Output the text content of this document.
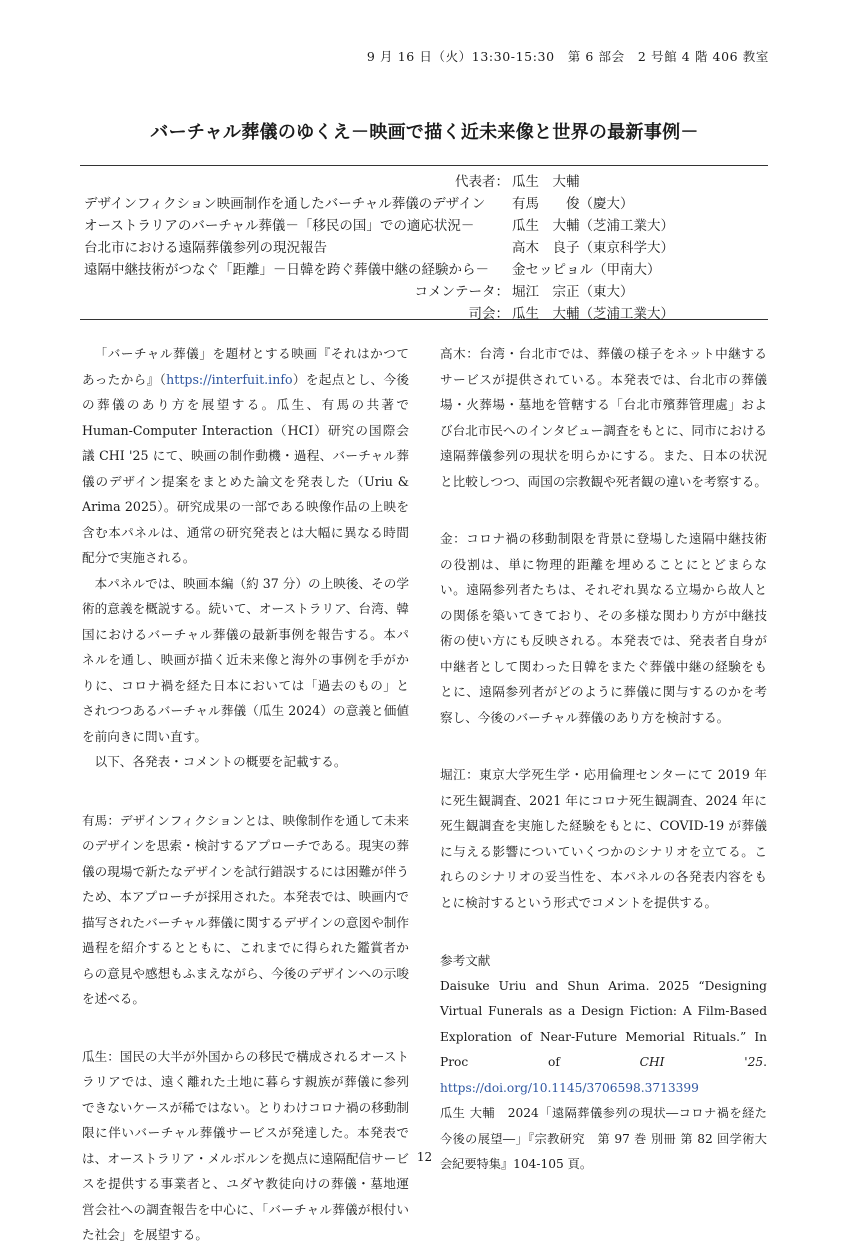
9 月 16 日（火）13:30-15:30　第 6 部会　2 号館 4 階 406 教室
バーチャル葬儀のゆくえ－映画で描く近未来像と世界の最新事例－
代表者： 瓜生　大輔
デザインフィクション映画制作を通したバーチャル葬儀のデザイン 有馬　　俊（慶大）
オーストラリアのバーチャル葬儀－「移民の国」での適応状況－	瓜生　大輔（芝浦工業大）
台北市における遠隔葬儀参列の現況報告	高木　良子（東京科学大）
遠隔中継技術がつなぐ「距離」－日韓を跨ぐ葬儀中継の経験から－ 金セッピョル（甲南大）
コメンテータ： 堀江　宗正（東大）
司会： 瓜生　大輔（芝浦工業大）

「バーチャル葬儀」を題材とする映画『それはかつてあったから』（https://interfuit.info）を起点とし、今後の葬儀のあり方を展望する。瓜生、有馬の共著で Human-Computer Interaction（HCI）研究の国際会議 CHI '25 にて、映画の制作動機・過程、バーチャル葬儀のデザイン提案をまとめた論文を発表した（Uriu & Arima 2025）。研究成果の一部である映像作品の上映を含む本パネルは、通常の研究発表とは大幅に異なる時間配分で実施される。

本パネルでは、映画本編（約 37 分）の上映後、その学術的意義を概説する。続いて、オーストラリア、台湾、韓国におけるバーチャル葬儀の最新事例を報告する。本パネルを通し、映画が描く近未来像と海外の事例を手がかりに、コロナ禍を経た日本においては「過去のもの」とされつつあるバーチャル葬儀（瓜生 2024）の意義と価値を前向きに問い直す。

以下、各発表・コメントの概要を記載する。

有馬：デザインフィクションとは、映像制作を通して未来のデザインを思索・検討するアプローチである。現実の葬儀の現場で新たなデザインを試行錯誤するには困難が伴うため、本アプローチが採用された。本発表では、映画内で描写されたバーチャル葬儀に関するデザインの意図や制作過程を紹介するとともに、これまでに得られた鑑賞者からの意見や感想もふまえながら、今後のデザインへの示唆を述べる。

瓜生：国民の大半が外国からの移民で構成されるオーストラリアでは、遠く離れた土地に暮らす親族が葬儀に参列できないケースが稀ではない。とりわけコロナ禍の移動制限に伴いバーチャル葬儀サービスが発達した。本発表では、オーストラリア・メルボルンを拠点に遠隔配信サービスを提供する事業者と、ユダヤ教徒向けの葬儀・墓地運営会社への調査報告を中心に、「バーチャル葬儀が根付いた社会」を展望する。

高木：台湾・台北市では、葬儀の様子をネット中継するサービスが提供されている。本発表では、台北市の葬儀場・火葬場・墓地を管轄する「台北市殯葬管理處」および台北市民へのインタビュー調査をもとに、同市における遠隔葬儀参列の現状を明らかにする。また、日本の状況と比較しつつ、両国の宗教観や死者観の違いを考察する。

金：コロナ禍の移動制限を背景に登場した遠隔中継技術の役割は、単に物理的距離を埋めることにとどまらない。遠隔参列者たちは、それぞれ異なる立場から故人との関係を築いてきており、その多様な関わり方が中継技術の使い方にも反映される。本発表では、発表者自身が中継者として関わった日韓をまたぐ葬儀中継の経験をもとに、遠隔参列者がどのように葬儀に関与するのかを考察し、今後のバーチャル葬儀のあり方を検討する。

堀江：東京大学死生学・応用倫理センターにて 2019 年に死生観調査、2021 年にコロナ死生観調査、2024 年に死生観調査を実施した経験をもとに、COVID-19 が葬儀に与える影響についていくつかのシナリオを立てる。これらのシナリオの妥当性を、本パネルの各発表内容をもとに検討するという形式でコメントを提供する。

参考文献

Daisuke Uriu and Shun Arima. 2025 “Designing Virtual Funerals as a Design Fiction: A Film-Based Exploration of Near-Future Memorial Rituals.” In Proc of CHI '25. https://doi.org/10.1145/3706598.3713399

瓜生 大輔　2024「遠隔葬儀参列の現状―コロナ禍を経た今後の展望―」『宗教研究　第 97 巻 別冊 第 82 回学術大会紀要特集』104-105 頁。

12
